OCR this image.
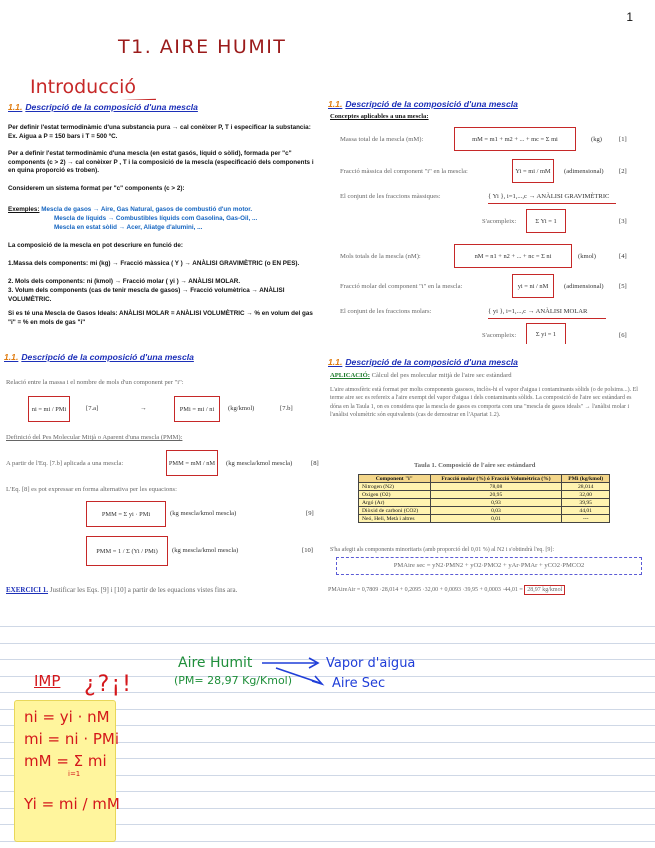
1
T1. AIRE HUMIT
Introducció
1.1. Descripció de la composició d'una mescla
Per definir l'estat termodinàmic d'una substancia pura → cal conèixer P, T i especificar la substancia: Ex. Aigua a P = 150 bars i T = 500 ºC.
Per a definir l'estat termodinàmic d'una mescla (en estat gasós, líquid o sòlid), formada per "c" components (c > 2) → cal conèixer P , T i la composició de la mescla (especificació dels components i en quina proporció es troben).
Considerem un sistema format per "c" components (c > 2):
Exemples: Mescla de gasos → Aire, Gas Natural, gasos de combustió d'un motor.
Mescla de líquids → Combustibles líquids com Gasolina, Gas-Oil, ...
Mescla en estat sòlid → Acer, Aliatge d'alumini, ...
La composició de la mescla en pot descriure en funció de:
1.Massa dels components: mi (kg) → Fracció màssica ( Y ) → ANÀLISI GRAVIMÈTRIC (o EN PES).
2. Mols dels components: ni (kmol) → Fracció molar ( yi ) → ANÀLISI MOLAR.
3. Volum dels components (cas de tenir mescla de gasos) → Fracció volumètrica → ANÀLISI VOLUMÈTRIC.
Si es té una Mescla de Gasos Ideals: ANÀLISI MOLAR = ANÀLISI VOLUMÈTRIC → % en volum del gas "i" = % en mols de gas "i"
1.1. Descripció de la composició d'una mescla
Conceptes aplicables a una mescla:
Massa total de la mescla (mM):	mM = m1 + m2 + ... + mc = Σ mi	(kg)	[1]
Fracció màssica del component "i" en la mescla:	Yi = mi / mM	(adimensional) [2]
El conjunt de les fraccions màssiques:	{ Yi }, i=1,...,c → ANÀLISI GRAVIMÈTRIC
S'acompleix:	Σ Yi = 1	[3]
Mols totals de la mescla (nM):	nM = n1 + n2 + ... + nc = Σ ni	(kmol)	[4]
Fracció molar del component "i" en la mescla:	yi = ni / nM	(adimensional) [5]
El conjunt de les fraccions molars:	{ yi }, i=1,...,c → ANÀLISI MOLAR
S'acompleix:	Σ yi = 1	[6]
1.1. Descripció de la composició d'una mescla
Relació entre la massa i el nombre de mols d'un component per "i":
ni = mi / PMi	[7.a]	→	PMi = mi / ni	(kg/kmol)	[7.b]
Definició del Pes Molecular Mitjà o Aparent d'una mescla (PMM):
A partir de l'Eq. [7.b] aplicada a una mescla:	PMM = mM / nM	(kg mescla/kmol mescla)	[8]
L'Eq. [8] es pot expressar en forma alternativa per les equacions:
PMM = Σ yi · PMi	(kg mescla/kmol mescla)	[9]
PMM = 1 / Σ (Yi / PMi)	(kg mescla/kmol mescla)	[10]
EXERCICI 1. Justificar les Eqs. [9] i [10] a partir de les equacions vistes fins ara.
1.1. Descripció de la composició d'una mescla
APLICACIÓ: Càlcul del pes molecular mitjà de l'aire sec estàndard
L'aire atmosfèric està format per molts components gasosos, inclòs-hi el vapor d'aigua i contaminants sòlids (o de polsims...). El terme aire sec es refereix a l'aire exempt del vapor d'aigua i dels contaminants sòlids. La composició de l'aire sec estàndard es dóna en la Taula 1, on es considera que la mescla de gasos es comporta com una "mescla de gasos ideals" → l'anàlisi molar i l'anàlisi volumètric són equivalents (cas de demostrar en l'Apartat 1.2).
Taula 1. Composició de l'aire sec estàndard
Component "i"	Fracció molar (%) ó Fracció Volumètrica (%)	PMi (kg/kmol)
Nitrogen (N2)	78,08	28,014
Oxigen (O2)	20,95	32,00
Argó (Ar)	0,93	39,95
Diòxid de carboni (CO2)	0,03	44,01
Neó, Heli, Metà i altres	0,01	---
S'ha afegit als components minoritaris (amb proporció del 0,01 %) al N2 i s'obtindrà l'eq. [9]:
PMAire sec = yN2·PMN2 + yO2·PMO2 + yAr·PMAr + yCO2·PMCO2
PMAireAir = 0,7809 ·28,014 + 0,2095 ·32,00 + 0,0093 ·39,95 + 0,0003 ·44,01 = 28,97 kg/kmol
IMP ¿?¡!
ni = yi · nM
mi = ni · PMi
mM = Σ mi
i=1
Yi = mi / mM
Aire Humit
(PM= 28,97 Kg/Kmol)
Vapor d'aigua
Aire Sec
